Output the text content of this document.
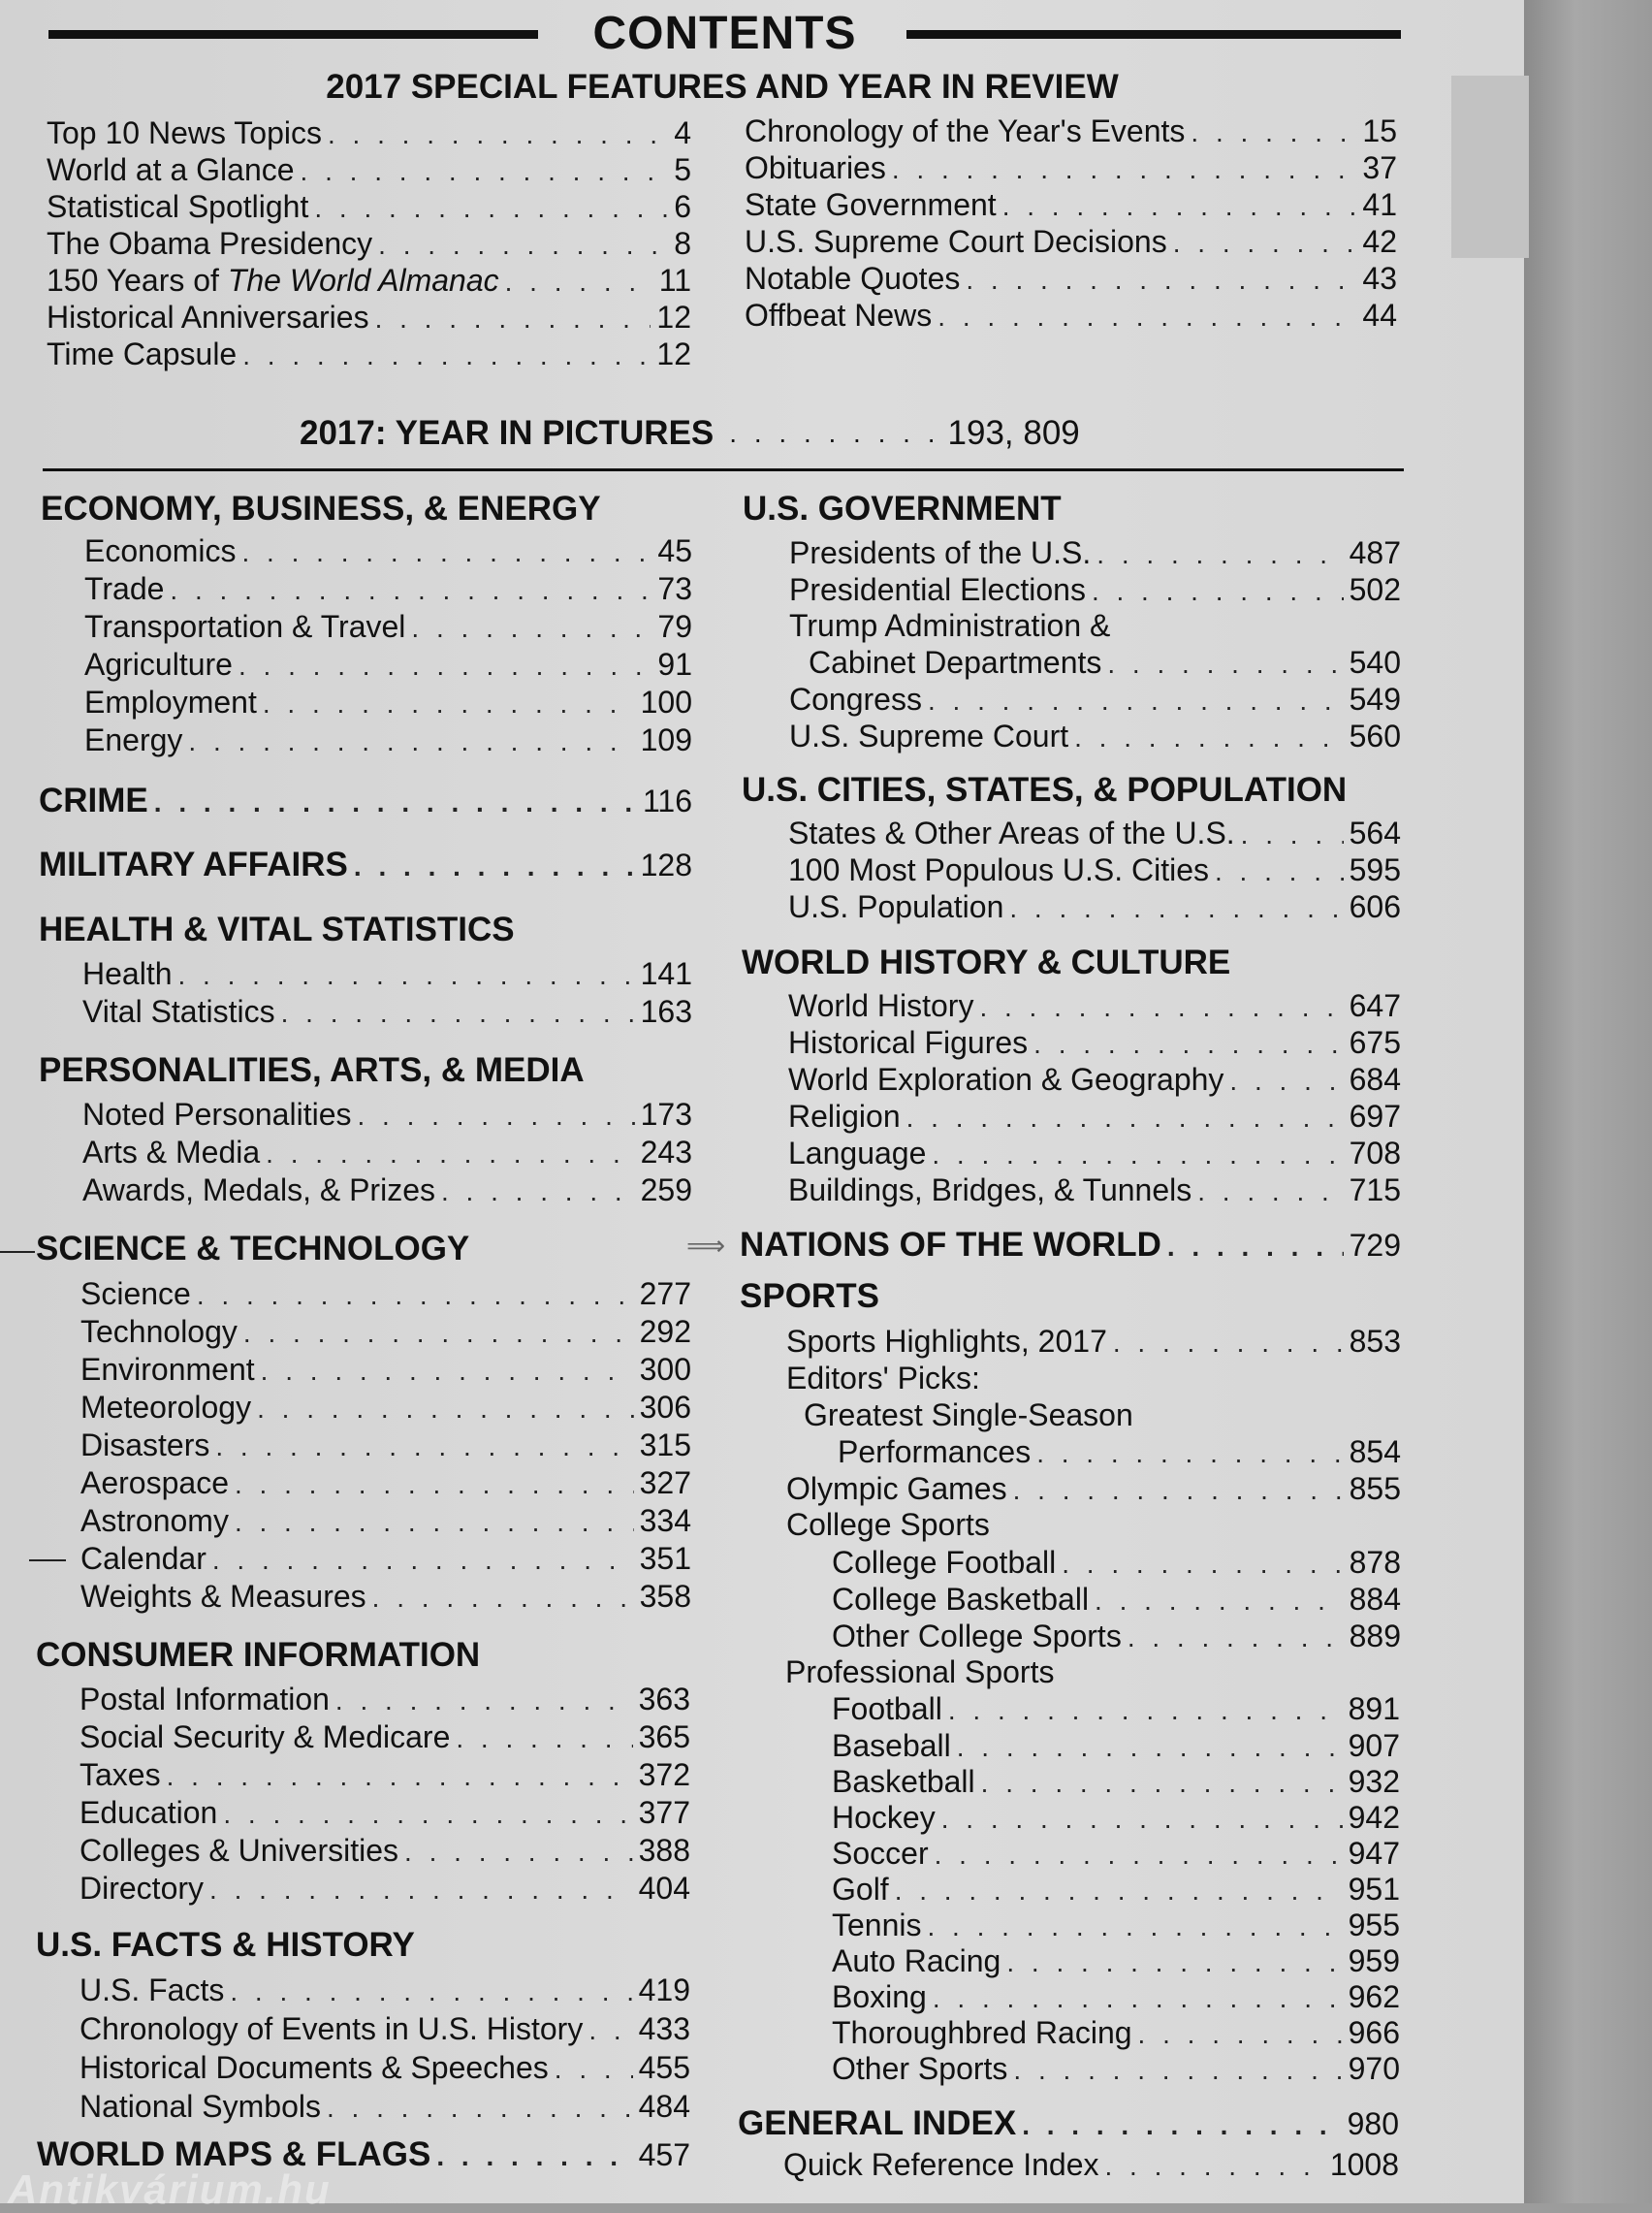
CONTENTS
2017 SPECIAL FEATURES AND YEAR IN REVIEW
Top 10 News Topics . . .	4
World at a Glance . . .	5
Statistical Spotlight . . .	6
The Obama Presidency . . .	8
150 Years of The World Almanac . . .	11
Historical Anniversaries . . .	12
Time Capsule . . .	12
Chronology of the Year's Events . . .	15
Obituaries . . .	37
State Government . . .	41
U.S. Supreme Court Decisions . . .	42
Notable Quotes . . .	43
Offbeat News . . .	44
2017: YEAR IN PICTURES . . . . . . . . . 193, 809
ECONOMY, BUSINESS, & ENERGY
Economics . . .	45
Trade . . .	73
Transportation & Travel . . .	79
Agriculture . . .	91
Employment . . .	100
Energy . . .	109
CRIME . . .	116
MILITARY AFFAIRS . . .	128
HEALTH & VITAL STATISTICS
Health . . .	141
Vital Statistics . . .	163
PERSONALITIES, ARTS, & MEDIA
Noted Personalities . . .	173
Arts & Media . . .	243
Awards, Medals, & Prizes . . .	259
SCIENCE & TECHNOLOGY
Science . . .	277
Technology . . .	292
Environment . . .	300
Meteorology . . .	306
Disasters . . .	315
Aerospace . . .	327
Astronomy . . .	334
Calendar . . .	351
Weights & Measures . . .	358
CONSUMER INFORMATION
Postal Information . . .	363
Social Security & Medicare . . .	365
Taxes . . .	372
Education . . .	377
Colleges & Universities . . .	388
Directory . . .	404
U.S. FACTS & HISTORY
U.S. Facts . . .	419
Chronology of Events in U.S. History . . . 433
Historical Documents & Speeches . . .	455
National Symbols . . .	484
WORLD MAPS & FLAGS . . .	457
U.S. GOVERNMENT
Presidents of the U.S. . . .	487
Presidential Elections . . .	502
Trump Administration &
Cabinet Departments . . .	540
Congress . . .	549
U.S. Supreme Court . . .	560
U.S. CITIES, STATES, & POPULATION
States & Other Areas of the U.S. . . .	564
100 Most Populous U.S. Cities . . .	595
U.S. Population . . .	606
WORLD HISTORY & CULTURE
World History . . .	647
Historical Figures . . .	675
World Exploration & Geography . . .	684
Religion . . .	697
Language . . .	708
Buildings, Bridges, & Tunnels . . .	715
⟹ NATIONS OF THE WORLD . . .	729
SPORTS
Sports Highlights, 2017 . . .	853
Editors' Picks:
Greatest Single-Season
Performances . . .	854
Olympic Games . . .	855
College Sports
College Football . . .	878
College Basketball . . .	884
Other College Sports . . .	889
Professional Sports
Football . . .	891
Baseball . . .	907
Basketball . . .	932
Hockey . . .	942
Soccer . . .	947
Golf . . .	951
Tennis . . .	955
Auto Racing . . .	959
Boxing . . .	962
Thoroughbred Racing . . .	966
Other Sports . . .	970
GENERAL INDEX . . .	980
Quick Reference Index . . .	1008
Antikvárium.hu
